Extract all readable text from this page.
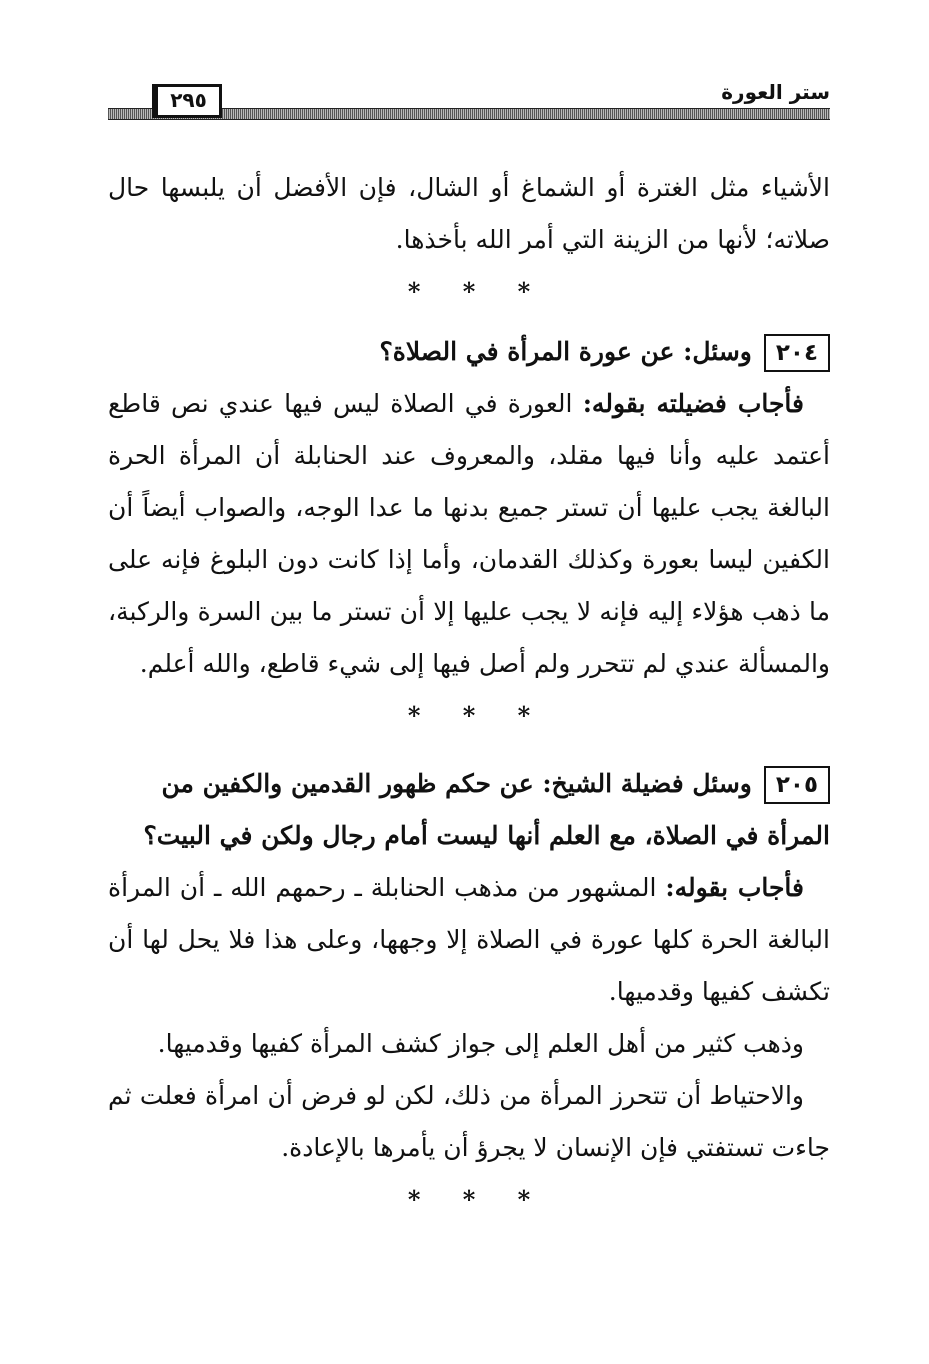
ستر العورة
٢٩٥

الأشياء مثل الغترة أو الشماغ أو الشال، فإن الأفضل أن يلبسها حال صلاته؛ لأنها من الزينة التي أمر الله بأخذها.

* * *

٢٠٤وسئل: عن عورة المرأة في الصلاة؟

فأجاب فضيلته بقوله: العورة في الصلاة ليس فيها عندي نص قاطع أعتمد عليه وأنا فيها مقلد، والمعروف عند الحنابلة أن المرأة الحرة البالغة يجب عليها أن تستر جميع بدنها ما عدا الوجه، والصواب أيضاً أن الكفين ليسا بعورة وكذلك القدمان، وأما إذا كانت دون البلوغ فإنه على ما ذهب هؤلاء إليه فإنه لا يجب عليها إلا أن تستر ما بين السرة والركبة، والمسألة عندي لم تتحرر ولم أصل فيها إلى شيء قاطع، والله أعلم.

* * *

٢٠٥وسئل فضيلة الشيخ: عن حكم ظهور القدمين والكفين من المرأة في الصلاة، مع العلم أنها ليست أمام رجال ولكن في البيت؟

فأجاب بقوله: المشهور من مذهب الحنابلة ـ رحمهم الله ـ أن المرأة البالغة الحرة كلها عورة في الصلاة إلا وجهها، وعلى هذا فلا يحل لها أن تكشف كفيها وقدميها.

وذهب كثير من أهل العلم إلى جواز كشف المرأة كفيها وقدميها.

والاحتياط أن تتحرز المرأة من ذلك، لكن لو فرض أن امرأة فعلت ثم جاءت تستفتي فإن الإنسان لا يجرؤ أن يأمرها بالإعادة.

* * *
